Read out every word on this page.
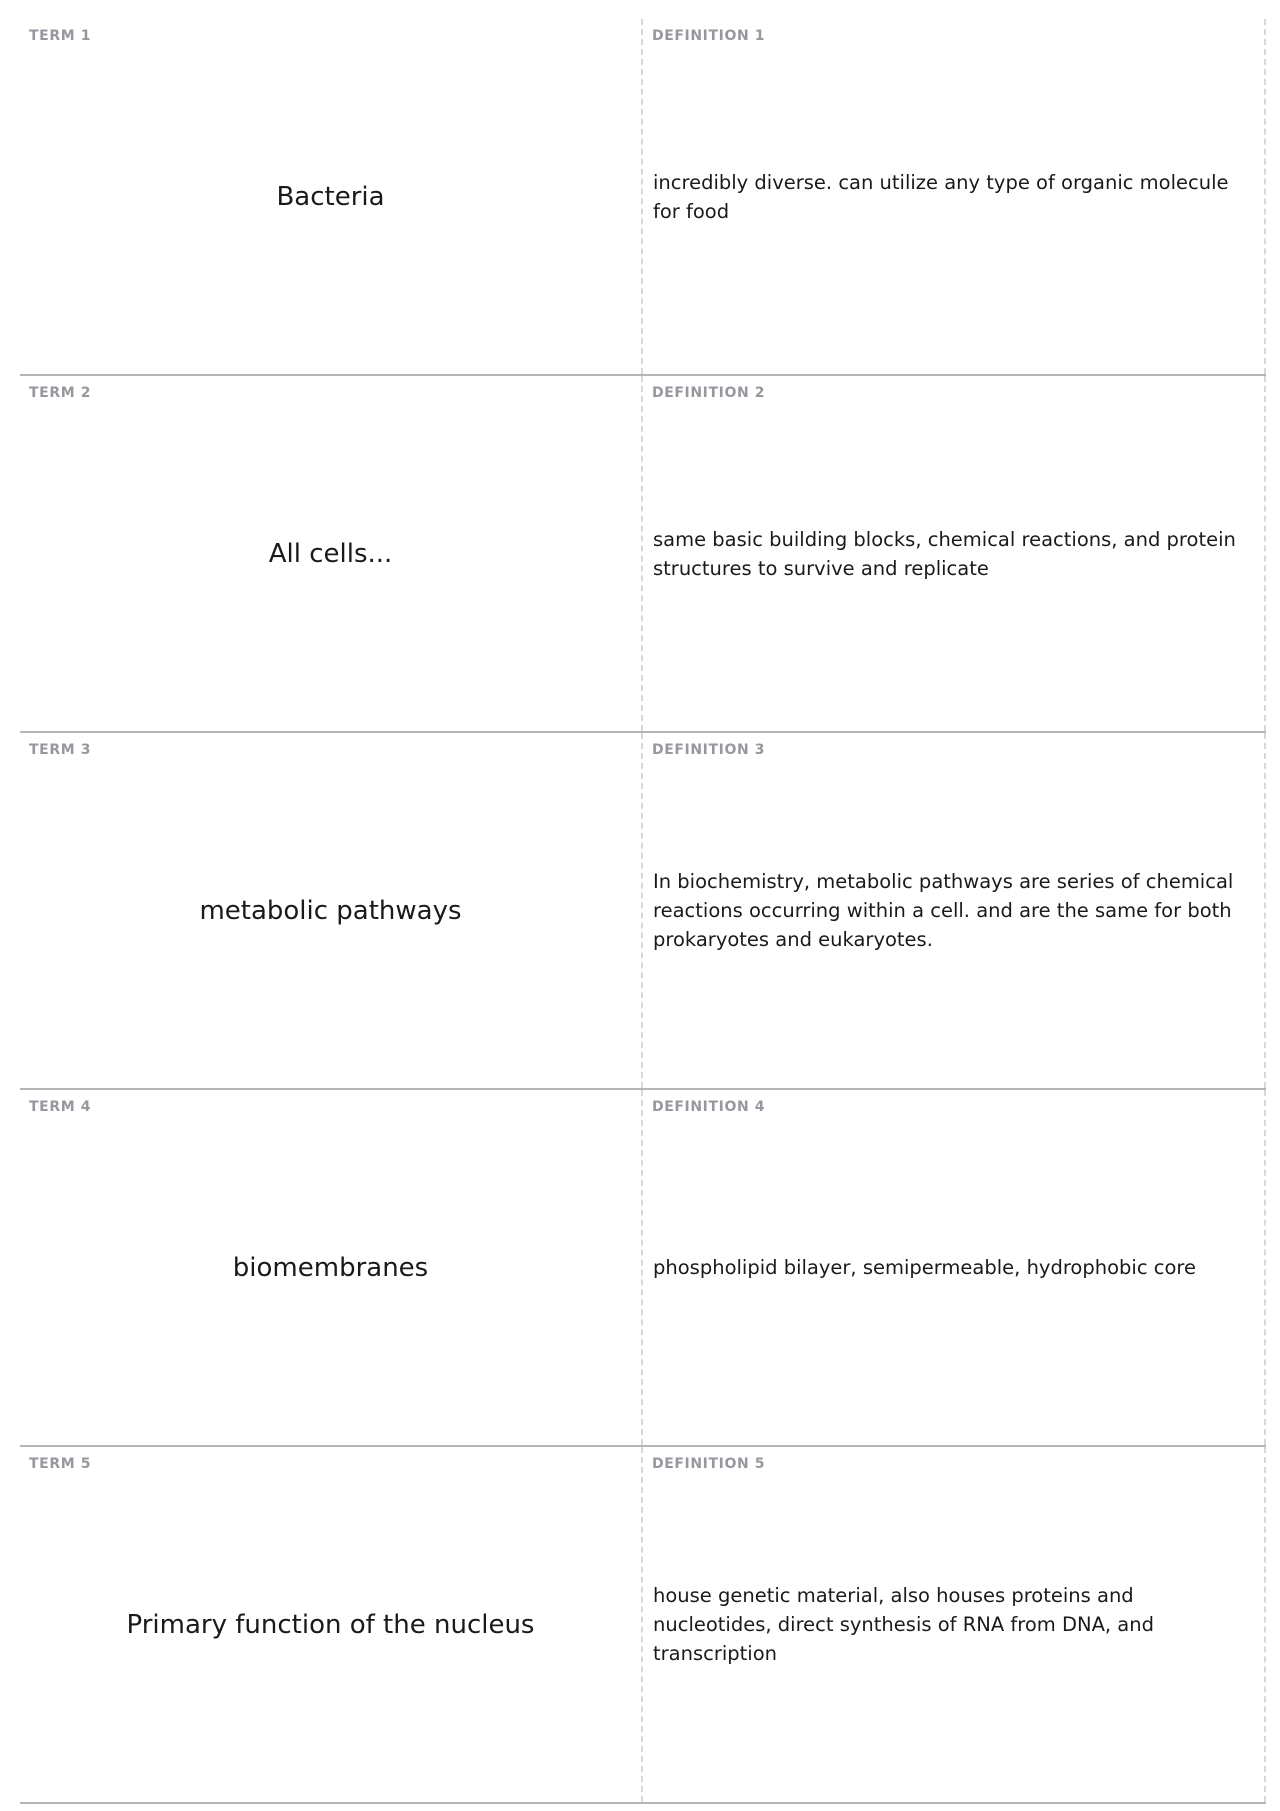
TERM 1
Bacteria
DEFINITION 1
incredibly diverse. can utilize any type of organic molecule for food
TERM 2
All cells...
DEFINITION 2
same basic building blocks, chemical reactions, and protein structures to survive and replicate
TERM 3
metabolic pathways
DEFINITION 3
In biochemistry, metabolic pathways are series of chemical reactions occurring within a cell. and are the same for both prokaryotes and eukaryotes.
TERM 4
biomembranes
DEFINITION 4
phospholipid bilayer, semipermeable, hydrophobic core
TERM 5
Primary function of the nucleus
DEFINITION 5
house genetic material, also houses proteins and nucleotides, direct synthesis of RNA from DNA, and transcription
